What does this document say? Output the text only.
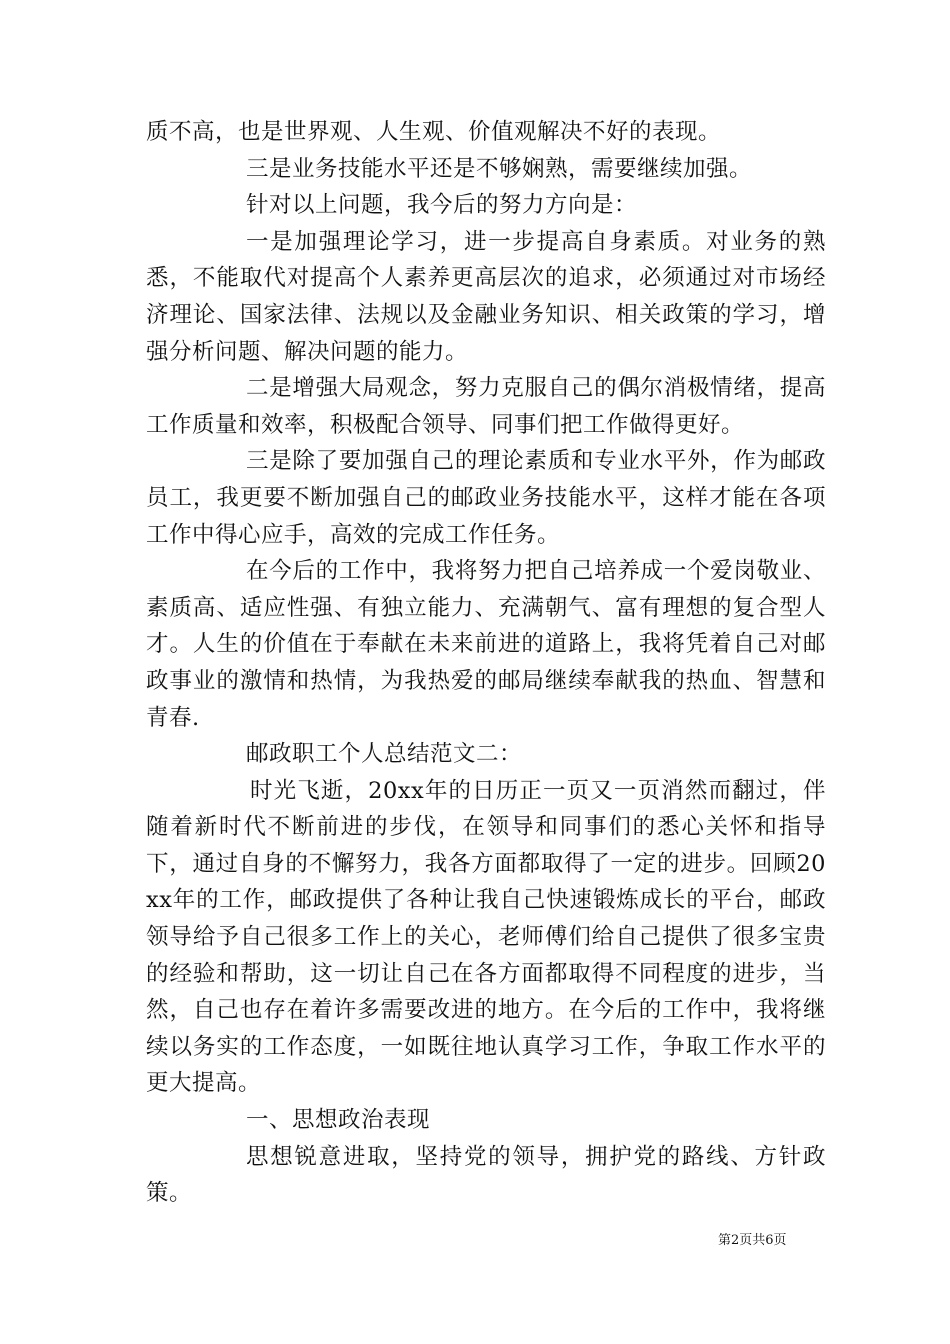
质不高，也是世界观、人生观、价值观解决不好的表现。

三是业务技能水平还是不够娴熟，需要继续加强。

针对以上问题，我今后的努力方向是：

一是加强理论学习，进一步提高自身素质。对业务的熟悉，不能取代对提高个人素养更高层次的追求，必须通过对市场经济理论、国家法律、法规以及金融业务知识、相关政策的学习，增强分析问题、解决问题的能力。

二是增强大局观念，努力克服自己的偶尔消极情绪，提高工作质量和效率，积极配合领导、同事们把工作做得更好。

三是除了要加强自己的理论素质和专业水平外，作为邮政员工，我更要不断加强自己的邮政业务技能水平，这样才能在各项工作中得心应手，高效的完成工作任务。

在今后的工作中，我将努力把自己培养成一个爱岗敬业、素质高、适应性强、有独立能力、充满朝气、富有理想的复合型人才。人生的价值在于奉献在未来前进的道路上，我将凭着自己对邮政事业的激情和热情，为我热爱的邮局继续奉献我的热血、智慧和青春.

邮政职工个人总结范文二：

时光飞逝，20xx年的日历正一页又一页消然而翻过，伴随着新时代不断前进的步伐，在领导和同事们的悉心关怀和指导下，通过自身的不懈努力，我各方面都取得了一定的进步。回顾20xx年的工作，邮政提供了各种让我自己快速锻炼成长的平台，邮政领导给予自己很多工作上的关心，老师傅们给自己提供了很多宝贵的经验和帮助，这一切让自己在各方面都取得不同程度的进步，当然，自己也存在着许多需要改进的地方。在今后的工作中，我将继续以务实的工作态度，一如既往地认真学习工作，争取工作水平的更大提高。

一、思想政治表现

思想锐意进取，坚持党的领导，拥护党的路线、方针政策。

第2页共6页
